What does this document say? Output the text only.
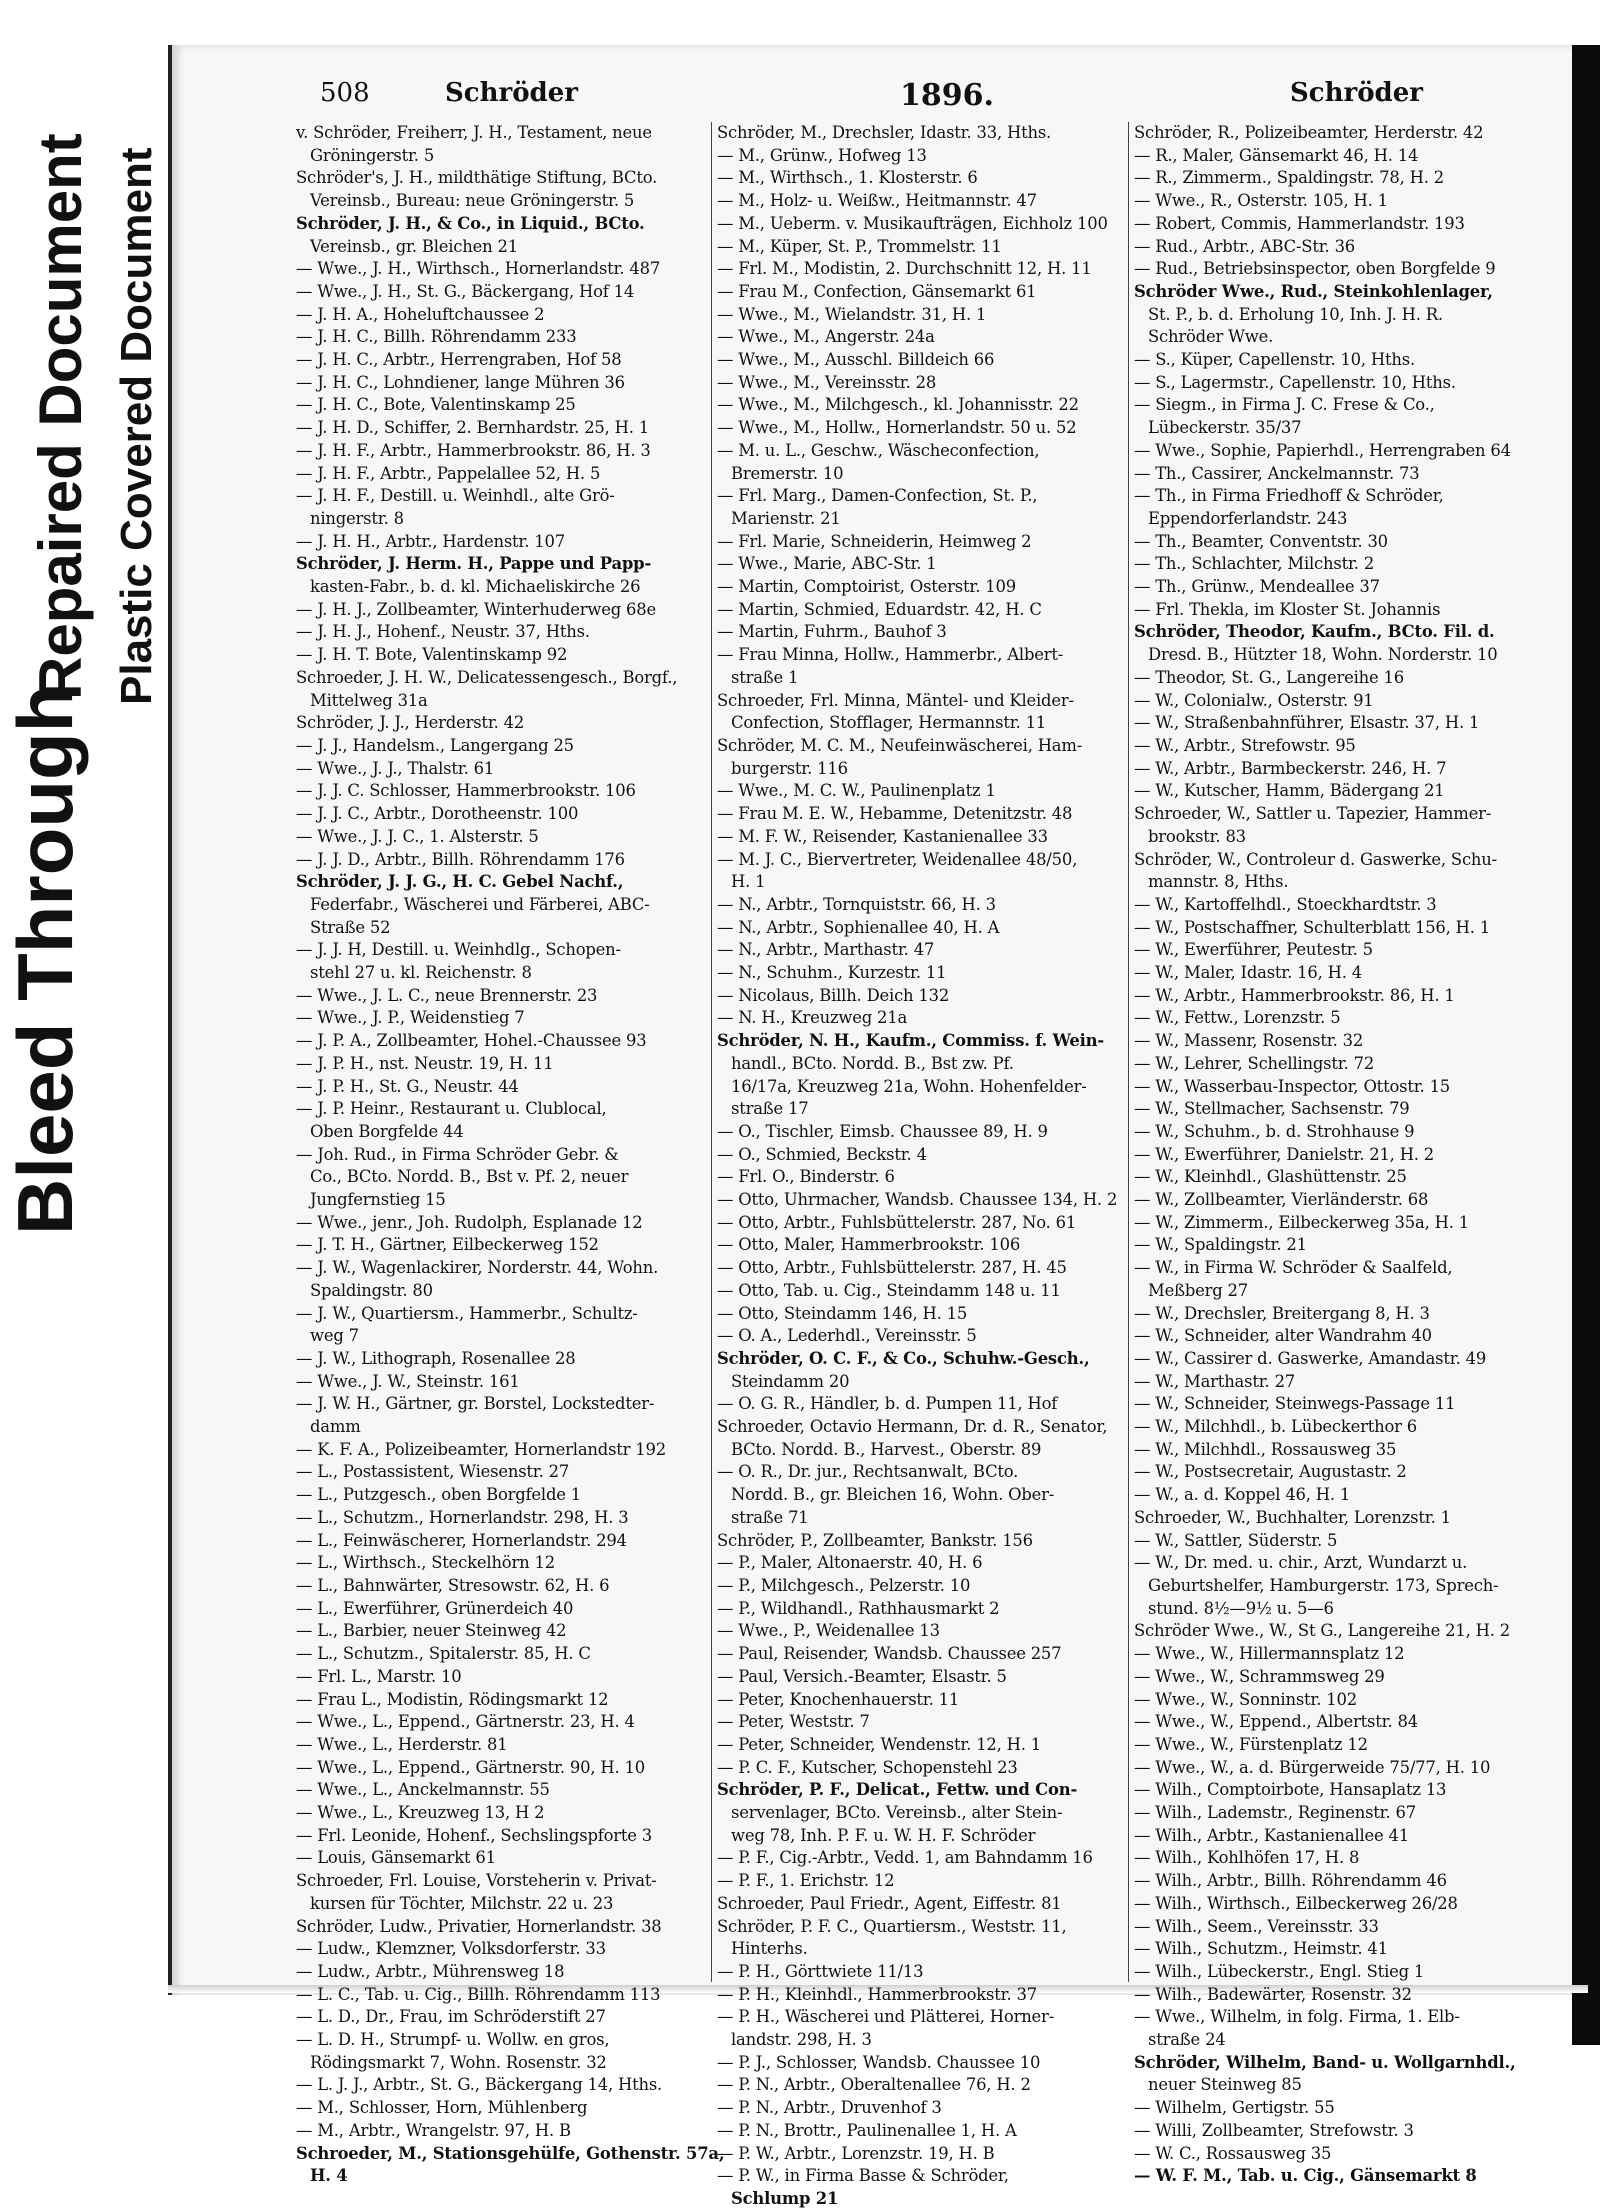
Bleed Through
Repaired Document Plastic Covered Document
508	Schröder	1896.	Schröder
v. Schröder, Freiherr, J. H., Testament, neue
Gröningerstr. 5
Schröder's, J. H., mildthätige Stiftung, BCto.
Vereinsb., Bureau: neue Gröningerstr. 5
Schröder, J. H., & Co., in Liquid., BCto.
Vereinsb., gr. Bleichen 21
— Wwe., J. H., Wirthsch., Hornerlandstr. 487
— Wwe., J. H., St. G., Bäckergang, Hof 14
— J. H. A., Hoheluftchaussee 2
— J. H. C., Billh. Röhrendamm 233
— J. H. C., Arbtr., Herrengraben, Hof 58
— J. H. C., Lohndiener, lange Mühren 36
— J. H. C., Bote, Valentinskamp 25
— J. H. D., Schiffer, 2. Bernhardstr. 25, H. 1
— J. H. F., Arbtr., Hammerbrookstr. 86, H. 3
— J. H. F., Arbtr., Pappelallee 52, H. 5
— J. H. F., Destill. u. Weinhdl., alte Grö-
ningerstr. 8
— J. H. H., Arbtr., Hardenstr. 107
Schröder, J. Herm. H., Pappe und Papp-
kasten-Fabr., b. d. kl. Michaeliskirche 26
— J. H. J., Zollbeamter, Winterhuderweg 68e
— J. H. J., Hohenf., Neustr. 37, Hths.
— J. H. T. Bote, Valentinskamp 92
Schroeder, J. H. W., Delicatessengesch., Borgf.,
Mittelweg 31a
Schröder, J. J., Herderstr. 42
— J. J., Handelsm., Langergang 25
— Wwe., J. J., Thalstr. 61
— J. J. C. Schlosser, Hammerbrookstr. 106
— J. J. C., Arbtr., Dorotheenstr. 100
— Wwe., J. J. C., 1. Alsterstr. 5
— J. J. D., Arbtr., Billh. Röhrendamm 176
Schröder, J. J. G., H. C. Gebel Nachf.,
Federfabr., Wäscherei und Färberei, ABC-
Straße 52
— J. J. H, Destill. u. Weinhdlg., Schopen-
stehl 27 u. kl. Reichenstr. 8
— Wwe., J. L. C., neue Brennerstr. 23
— Wwe., J. P., Weidenstieg 7
— J. P. A., Zollbeamter, Hohel.-Chaussee 93
— J. P. H., nst. Neustr. 19, H. 11
— J. P. H., St. G., Neustr. 44
— J. P. Heinr., Restaurant u. Clublocal,
Oben Borgfelde 44
— Joh. Rud., in Firma Schröder Gebr. &
Co., BCto. Nordd. B., Bst v. Pf. 2, neuer
Jungfernstieg 15
— Wwe., jenr., Joh. Rudolph, Esplanade 12
— J. T. H., Gärtner, Eilbeckerweg 152
— J. W., Wagenlackirer, Norderstr. 44, Wohn.
Spaldingstr. 80
— J. W., Quartiersm., Hammerbr., Schultz-
weg 7
— J. W., Lithograph, Rosenallee 28
— Wwe., J. W., Steinstr. 161
— J. W. H., Gärtner, gr. Borstel, Lockstedter-
damm
— K. F. A., Polizeibeamter, Hornerlandstr 192
— L., Postassistent, Wiesenstr. 27
— L., Putzgesch., oben Borgfelde 1
— L., Schutzm., Hornerlandstr. 298, H. 3
— L., Feinwäscherer, Hornerlandstr. 294
— L., Wirthsch., Steckelhörn 12
— L., Bahnwärter, Stresowstr. 62, H. 6
— L., Ewerführer, Grünerdeich 40
— L., Barbier, neuer Steinweg 42
— L., Schutzm., Spitalerstr. 85, H. C
— Frl. L., Marstr. 10
— Frau L., Modistin, Rödingsmarkt 12
— Wwe., L., Eppend., Gärtnerstr. 23, H. 4
— Wwe., L., Herderstr. 81
— Wwe., L., Eppend., Gärtnerstr. 90, H. 10
— Wwe., L., Anckelmannstr. 55
— Wwe., L., Kreuzweg 13, H 2
— Frl. Leonide, Hohenf., Sechslingspforte 3
— Louis, Gänsemarkt 61
Schroeder, Frl. Louise, Vorsteherin v. Privat-
kursen für Töchter, Milchstr. 22 u. 23
Schröder, Ludw., Privatier, Hornerlandstr. 38
— Ludw., Klemzner, Volksdorferstr. 33
— Ludw., Arbtr., Mührensweg 18
— L. C., Tab. u. Cig., Billh. Röhrendamm 113
— L. D., Dr., Frau, im Schröderstift 27
— L. D. H., Strumpf- u. Wollw. en gros,
Rödingsmarkt 7, Wohn. Rosenstr. 32
— L. J. J., Arbtr., St. G., Bäckergang 14, Hths.
— M., Schlosser, Horn, Mühlenberg
— M., Arbtr., Wrangelstr. 97, H. B
Schroeder, M., Stationsgehülfe, Gothenstr. 57a,
H. 4
Schröder, M., Drechsler, Idastr. 33, Hths.
— M., Grünw., Hofweg 13
— M., Wirthsch., 1. Klosterstr. 6
— M., Holz- u. Weißw., Heitmannstr. 47
— M., Ueberm. v. Musikaufträgen, Eichholz 100
— M., Küper, St. P., Trommelstr. 11
— Frl. M., Modistin, 2. Durchschnitt 12, H. 11
— Frau M., Confection, Gänsemarkt 61
— Wwe., M., Wielandstr. 31, H. 1
— Wwe., M., Angerstr. 24a
— Wwe., M., Ausschl. Billdeich 66
— Wwe., M., Vereinsstr. 28
— Wwe., M., Milchgesch., kl. Johannisstr. 22
— Wwe., M., Hollw., Hornerlandstr. 50 u. 52
— M. u. L., Geschw., Wäscheconfection,
Bremerstr. 10
— Frl. Marg., Damen-Confection, St. P.,
Marienstr. 21
— Frl. Marie, Schneiderin, Heimweg 2
— Wwe., Marie, ABC-Str. 1
— Martin, Comptoirist, Osterstr. 109
— Martin, Schmied, Eduardstr. 42, H. C
— Martin, Fuhrm., Bauhof 3
— Frau Minna, Hollw., Hammerbr., Albert-
straße 1
Schroeder, Frl. Minna, Mäntel- und Kleider-
Confection, Stofflager, Hermannstr. 11
Schröder, M. C. M., Neufeinwäscherei, Ham-
burgerstr. 116
— Wwe., M. C. W., Paulinenplatz 1
— Frau M. E. W., Hebamme, Detenitzstr. 48
— M. F. W., Reisender, Kastanienallee 33
— M. J. C., Biervertreter, Weidenallee 48/50,
H. 1
— N., Arbtr., Tornquiststr. 66, H. 3
— N., Arbtr., Sophienallee 40, H. A
— N., Arbtr., Marthastr. 47
— N., Schuhm., Kurzestr. 11
— Nicolaus, Billh. Deich 132
— N. H., Kreuzweg 21a
Schröder, N. H., Kaufm., Commiss. f. Wein-
handl., BCto. Nordd. B., Bst zw. Pf.
16/17a, Kreuzweg 21a, Wohn. Hohenfelder-
straße 17
— O., Tischler, Eimsb. Chaussee 89, H. 9
— O., Schmied, Beckstr. 4
— Frl. O., Binderstr. 6
— Otto, Uhrmacher, Wandsb. Chaussee 134, H. 2
— Otto, Arbtr., Fuhlsbüttelerstr. 287, No. 61
— Otto, Maler, Hammerbrookstr. 106
— Otto, Arbtr., Fuhlsbüttelerstr. 287, H. 45
— Otto, Tab. u. Cig., Steindamm 148 u. 11
— Otto, Steindamm 146, H. 15
— O. A., Lederhdl., Vereinsstr. 5
Schröder, O. C. F., & Co., Schuhw.-Gesch.,
Steindamm 20
— O. G. R., Händler, b. d. Pumpen 11, Hof
Schroeder, Octavio Hermann, Dr. d. R., Senator,
BCto. Nordd. B., Harvest., Oberstr. 89
— O. R., Dr. jur., Rechtsanwalt, BCto.
Nordd. B., gr. Bleichen 16, Wohn. Ober-
straße 71
Schröder, P., Zollbeamter, Bankstr. 156
— P., Maler, Altonaerstr. 40, H. 6
— P., Milchgesch., Pelzerstr. 10
— P., Wildhandl., Rathhausmarkt 2
— Wwe., P., Weidenallee 13
— Paul, Reisender, Wandsb. Chaussee 257
— Paul, Versich.-Beamter, Elsastr. 5
— Peter, Knochenhauerstr. 11
— Peter, Weststr. 7
— Peter, Schneider, Wendenstr. 12, H. 1
— P. C. F., Kutscher, Schopenstehl 23
Schröder, P. F., Delicat., Fettw. und Con-
servenlager, BCto. Vereinsb., alter Stein-
weg 78, Inh. P. F. u. W. H. F. Schröder
— P. F., Cig.-Arbtr., Vedd. 1, am Bahndamm 16
— P. F., 1. Erichstr. 12
Schroeder, Paul Friedr., Agent, Eiffestr. 81
Schröder, P. F. C., Quartiersm., Weststr. 11,
Hinterhs.
— P. H., Görttwiete 11/13
— P. H., Kleinhdl., Hammerbrookstr. 37
— P. H., Wäscherei und Plätterei, Horner-
landstr. 298, H. 3
— P. J., Schlosser, Wandsb. Chaussee 10
— P. N., Arbtr., Oberaltenallee 76, H. 2
— P. N., Arbtr., Druvenhof 3
— P. N., Brottr., Paulinenallee 1, H. A
— P. W., Arbtr., Lorenzstr. 19, H. B
— P. W., in Firma Basse & Schröder,
Schlump 21
Schröder, R., Polizeibeamter, Herderstr. 42
— R., Maler, Gänsemarkt 46, H. 14
— R., Zimmerm., Spaldingstr. 78, H. 2
— Wwe., R., Osterstr. 105, H. 1
— Robert, Commis, Hammerlandstr. 193
— Rud., Arbtr., ABC-Str. 36
— Rud., Betriebsinspector, oben Borgfelde 9
Schröder Wwe., Rud., Steinkohlenlager,
St. P., b. d. Erholung 10, Inh. J. H. R.
Schröder Wwe.
— S., Küper, Capellenstr. 10, Hths.
— S., Lagermstr., Capellenstr. 10, Hths.
— Siegm., in Firma J. C. Frese & Co.,
Lübeckerstr. 35/37
— Wwe., Sophie, Papierhdl., Herrengraben 64
— Th., Cassirer, Anckelmannstr. 73
— Th., in Firma Friedhoff & Schröder,
Eppendorferlandstr. 243
— Th., Beamter, Conventstr. 30
— Th., Schlachter, Milchstr. 2
— Th., Grünw., Mendeallee 37
— Frl. Thekla, im Kloster St. Johannis
Schröder, Theodor, Kaufm., BCto. Fil. d.
Dresd. B., Hützter 18, Wohn. Norderstr. 10
— Theodor, St. G., Langereihe 16
— W., Colonialw., Osterstr. 91
— W., Straßenbahnführer, Elsastr. 37, H. 1
— W., Arbtr., Strefowstr. 95
— W., Arbtr., Barmbeckerstr. 246, H. 7
— W., Kutscher, Hamm, Bädergang 21
Schroeder, W., Sattler u. Tapezier, Hammer-
brookstr. 83
Schröder, W., Controleur d. Gaswerke, Schu-
mannstr. 8, Hths.
— W., Kartoffelhdl., Stoeckhardtstr. 3
— W., Postschaffner, Schulterblatt 156, H. 1
— W., Ewerführer, Peutestr. 5
— W., Maler, Idastr. 16, H. 4
— W., Arbtr., Hammerbrookstr. 86, H. 1
— W., Fettw., Lorenzstr. 5
— W., Massenr, Rosenstr. 32
— W., Lehrer, Schellingstr. 72
— W., Wasserbau-Inspector, Ottostr. 15
— W., Stellmacher, Sachsenstr. 79
— W., Schuhm., b. d. Strohhause 9
— W., Ewerführer, Danielstr. 21, H. 2
— W., Kleinhdl., Glashüttenstr. 25
— W., Zollbeamter, Vierländerstr. 68
— W., Zimmerm., Eilbeckerweg 35a, H. 1
— W., Spaldingstr. 21
— W., in Firma W. Schröder & Saalfeld,
Meßberg 27
— W., Drechsler, Breitergang 8, H. 3
— W., Schneider, alter Wandrahm 40
— W., Cassirer d. Gaswerke, Amandastr. 49
— W., Marthastr. 27
— W., Schneider, Steinwegs-Passage 11
— W., Milchhdl., b. Lübeckerthor 6
— W., Milchhdl., Rossausweg 35
— W., Postsecretair, Augustastr. 2
— W., a. d. Koppel 46, H. 1
Schroeder, W., Buchhalter, Lorenzstr. 1
— W., Sattler, Süderstr. 5
— W., Dr. med. u. chir., Arzt, Wundarzt u.
Geburtshelfer, Hamburgerstr. 173, Sprech-
stund. 8½—9½ u. 5—6
Schröder Wwe., W., St G., Langereihe 21, H. 2
— Wwe., W., Hillermannsplatz 12
— Wwe., W., Schrammsweg 29
— Wwe., W., Sonninstr. 102
— Wwe., W., Eppend., Albertstr. 84
— Wwe., W., Fürstenplatz 12
— Wwe., W., a. d. Bürgerweide 75/77, H. 10
— Wilh., Comptoirbote, Hansaplatz 13
— Wilh., Lademstr., Reginenstr. 67
— Wilh., Arbtr., Kastanienallee 41
— Wilh., Kohlhöfen 17, H. 8
— Wilh., Arbtr., Billh. Röhrendamm 46
— Wilh., Wirthsch., Eilbeckerweg 26/28
— Wilh., Seem., Vereinsstr. 33
— Wilh., Schutzm., Heimstr. 41
— Wilh., Lübeckerstr., Engl. Stieg 1
— Wilh., Badewärter, Rosenstr. 32
— Wwe., Wilhelm, in folg. Firma, 1. Elb-
straße 24
Schröder, Wilhelm, Band- u. Wollgarnhdl.,
neuer Steinweg 85
— Wilhelm, Gertigstr. 55
— Willi, Zollbeamter, Strefowstr. 3
— W. C., Rossausweg 35
— W. F. M., Tab. u. Cig., Gänsemarkt 8
